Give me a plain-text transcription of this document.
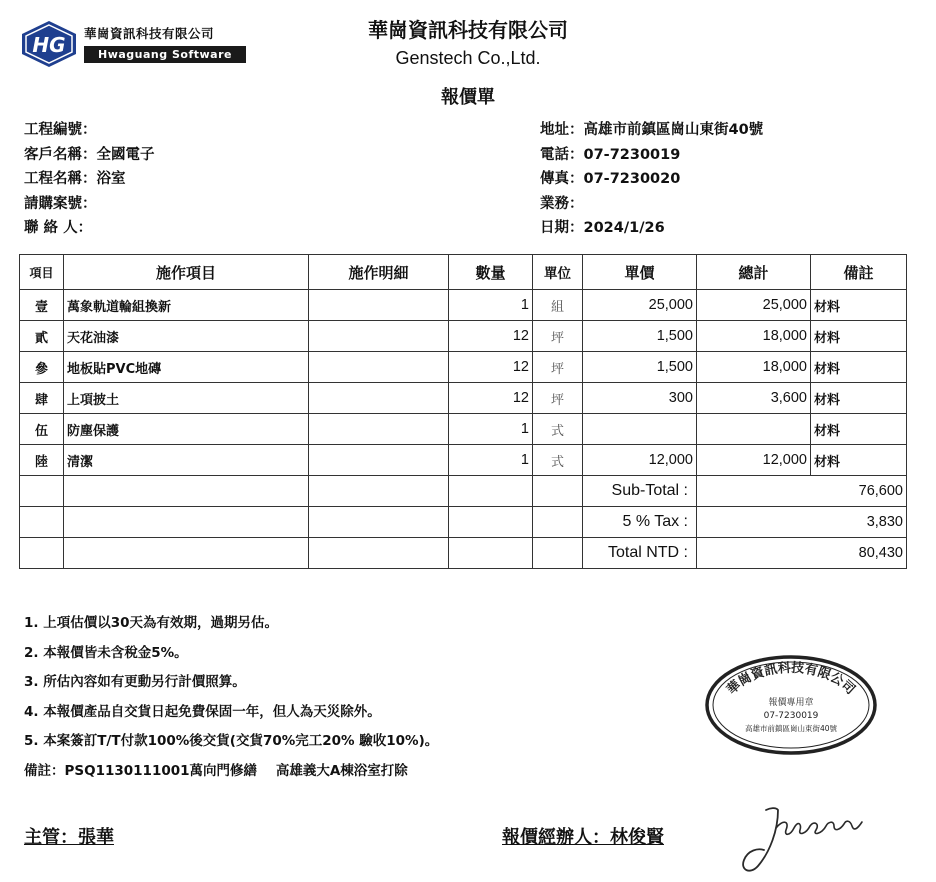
HG 華崗資訊科技有限公司
Hwaguang Software
華崗資訊科技有限公司
Genstech Co.,Ltd.
報價單
工程編號：
客戶名稱：全國電子
工程名稱：浴室
請購案號：
聯 絡 人：
地址：高雄市前鎮區崗山東街40號
電話：07-7230019
傳真：07-7230020
業務：
日期：2024/1/26
項目	施作項目	施作明細	數量	單位	單價	總計	備註
壹	萬象軌道輪組換新		1	組	25,000	25,000	材料
貳	天花油漆		12	坪	1,500	18,000	材料
參	地板貼PVC地磚		12	坪	1,500	18,000	材料
肆	上項披土		12	坪	300	3,600	材料
伍	防塵保護		1	式			材料
陸	清潔		1	式	12,000	12,000	材料
					Sub-Total :	76,600	
					5 % Tax :	3,830	
					Total NTD :	80,430	
1. 上項估價以30天為有效期，過期另估。
2. 本報價皆未含稅金5%。
3. 所估內容如有更動另行計價照算。
4. 本報價產品自交貨日起免費保固一年，但人為天災除外。
5. 本案簽訂T/T付款100%後交貨(交貨70%完工20% 驗收10%)。
備註：PSQ1130111001萬向門修繕    高雄義大A棟浴室打除
華崗資訊科技有限公司
報價專用章
07-7230019
高雄市前鎮區崗山東街40號
主管：張華	報價經辦人：林俊賢
